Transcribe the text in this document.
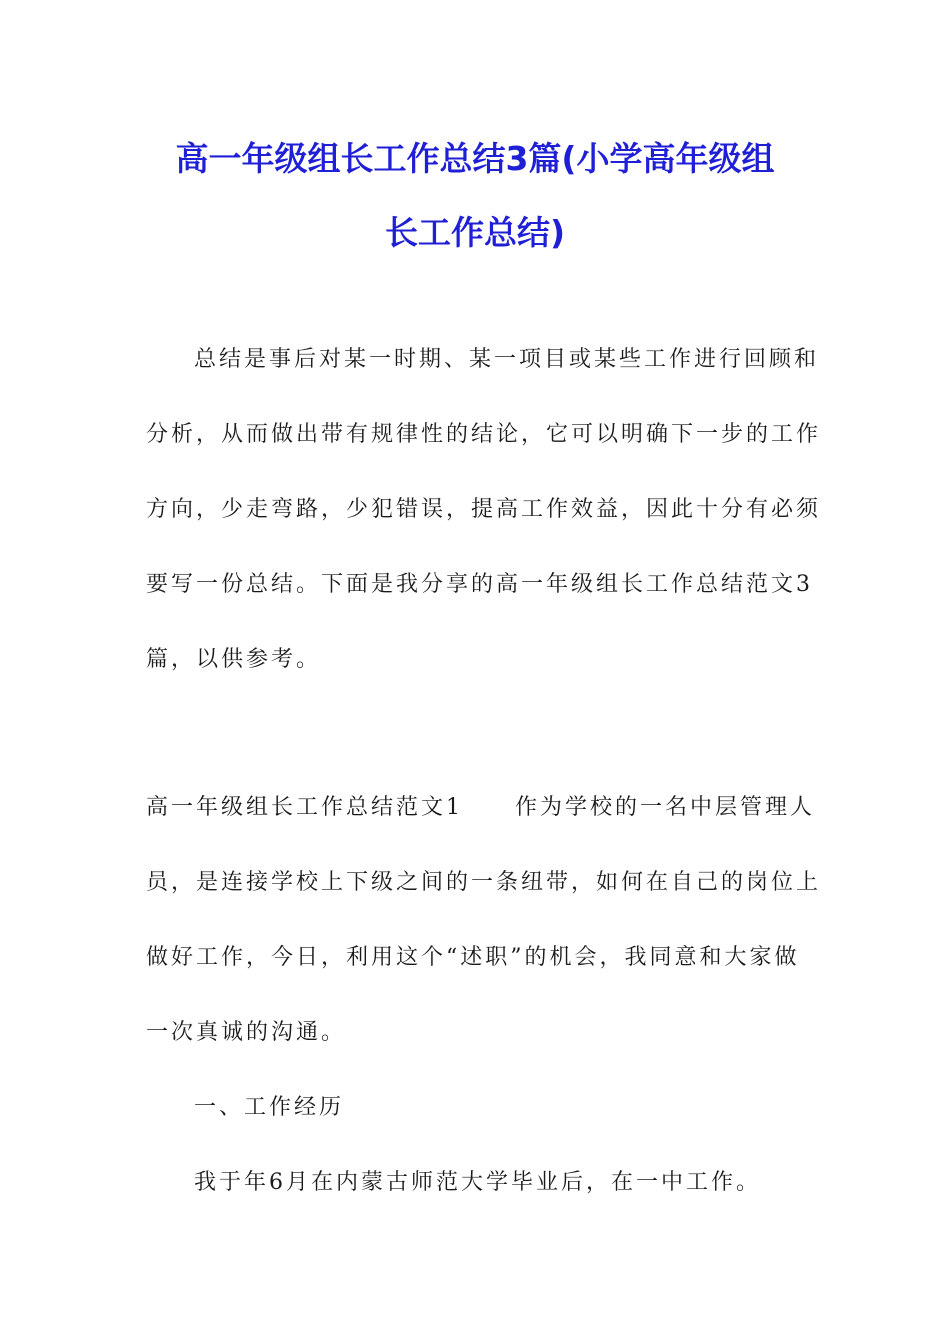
高一年级组长工作总结3篇(小学高年级组
长工作总结)
总结是事后对某一时期、某一项目或某些工作进行回顾和
分析，从而做出带有规律性的结论，它可以明确下一步的工作
方向，少走弯路，少犯错误，提高工作效益，因此十分有必须
要写一份总结。下面是我分享的高一年级组长工作总结范文3
篇，以供参考。
高一年级组长工作总结范文1 作为学校的一名中层管理人
员，是连接学校上下级之间的一条纽带，如何在自己的岗位上
做好工作，今日，利用这个“述职”的机会，我同意和大家做
一次真诚的沟通。
一、工作经历
我于年6月在内蒙古师范大学毕业后，在一中工作。
